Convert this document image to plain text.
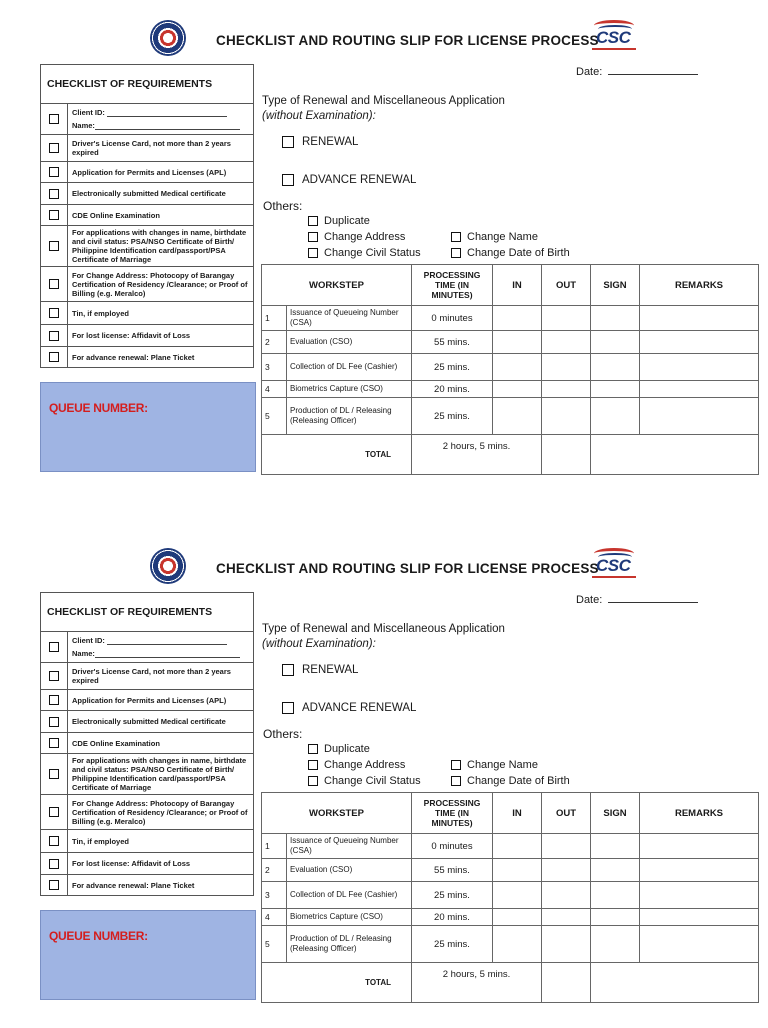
CHECKLIST AND ROUTING SLIP FOR LICENSE PROCESS
CSC
Date:
CHECKLIST OF REQUIREMENTS
Client ID:
Name:
Driver's License Card, not more than 2 years expired
Application for Permits and Licenses (APL)
Electronically submitted Medical certificate
CDE Online Examination
For applications with changes in name, birthdate and civil status: PSA/NSO Certificate of Birth/ Philippine Identification card/passport/PSA Certificate of Marriage
For Change Address: Photocopy of Barangay Certification of Residency /Clearance; or Proof of Billing (e.g. Meralco)
Tin, if employed
For lost license: Affidavit of Loss
For advance renewal: Plane Ticket
QUEUE NUMBER:
Type of Renewal and Miscellaneous Application
(without Examination):
RENEWAL
ADVANCE RENEWAL
Others:
Duplicate
Change Address	Change Name
Change Civil Status	Change Date of Birth
WORKSTEP		PROCESSING TIME (IN MINUTES)	IN	OUT	SIGN	REMARKS
1	Issuance of Queueing Number (CSA)	0 minutes				
2	Evaluation (CSO)	55 mins.				
3	Collection of DL Fee (Cashier)	25 mins.				
4	Biometrics Capture (CSO)	20 mins.				
5	Production of DL / Releasing (Releasing Officer)	25 mins.				
TOTAL		2 hours, 5 mins.				
CHECKLIST AND ROUTING SLIP FOR LICENSE PROCESS
CSC
Date:
CHECKLIST OF REQUIREMENTS
Client ID:
Name:
Driver's License Card, not more than 2 years expired
Application for Permits and Licenses (APL)
Electronically submitted Medical certificate
CDE Online Examination
For applications with changes in name, birthdate and civil status: PSA/NSO Certificate of Birth/ Philippine Identification card/passport/PSA Certificate of Marriage
For Change Address: Photocopy of Barangay Certification of Residency /Clearance; or Proof of Billing (e.g. Meralco)
Tin, if employed
For lost license: Affidavit of Loss
For advance renewal: Plane Ticket
QUEUE NUMBER:
Type of Renewal and Miscellaneous Application
(without Examination):
RENEWAL
ADVANCE RENEWAL
Others:
Duplicate
Change Address	Change Name
Change Civil Status	Change Date of Birth
WORKSTEP		PROCESSING TIME (IN MINUTES)	IN	OUT	SIGN	REMARKS
1	Issuance of Queueing Number (CSA)	0 minutes				
2	Evaluation (CSO)	55 mins.				
3	Collection of DL Fee (Cashier)	25 mins.				
4	Biometrics Capture (CSO)	20 mins.				
5	Production of DL / Releasing (Releasing Officer)	25 mins.				
TOTAL		2 hours, 5 mins.				
